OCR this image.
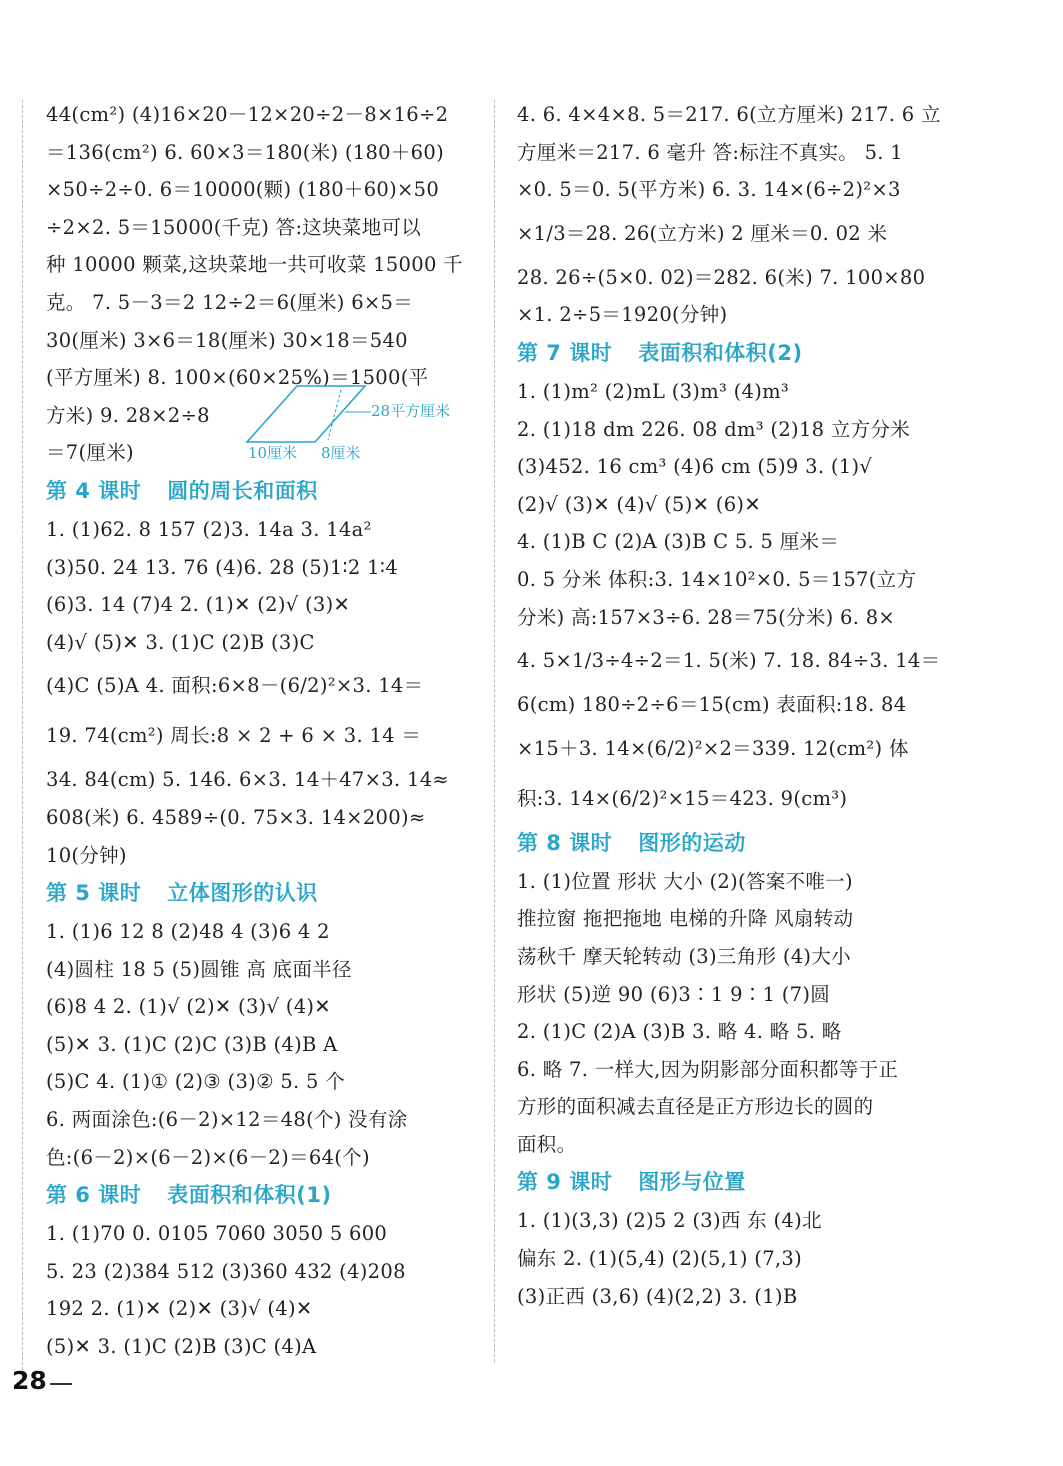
44(cm²) (4)16×20－12×20÷2－8×16÷2
＝136(cm²) 6. 60×3＝180(米) (180＋60)
×50÷2÷0. 6＝10000(颗) (180＋60)×50
÷2×2. 5＝15000(千克) 答:这块菜地可以
种 10000 颗菜,这块菜地一共可收菜 15000 千
克。 7. 5－3＝2 12÷2＝6(厘米) 6×5＝
30(厘米) 3×6＝18(厘米) 30×18＝540
(平方厘米) 8. 100×(60×25%)＝1500(平
方米) 9. 28×2÷8
＝7(厘米)
第 4 课时 圆的周长和面积
1. (1)62. 8 157 (2)3. 14a 3. 14a²
(3)50. 24 13. 76 (4)6. 28 (5)1∶2 1∶4
(6)3. 14 (7)4 2. (1)✕ (2)√ (3)✕
(4)√ (5)✕ 3. (1)C (2)B (3)C
(4)C (5)A 4. 面积:6×8－(6/2)²×3. 14＝
19. 74(cm²) 周长:8 × 2 + 6 × 3. 14 ＝
34. 84(cm) 5. 146. 6×3. 14＋47×3. 14≈
608(米) 6. 4589÷(0. 75×3. 14×200)≈
10(分钟)
第 5 课时 立体图形的认识
1. (1)6 12 8 (2)48 4 (3)6 4 2
(4)圆柱 18 5 (5)圆锥 高 底面半径
(6)8 4 2. (1)√ (2)✕ (3)√ (4)✕
(5)✕ 3. (1)C (2)C (3)B (4)B A
(5)C 4. (1)① (2)③ (3)② 5. 5 个
6. 两面涂色:(6－2)×12＝48(个) 没有涂
色:(6－2)×(6－2)×(6－2)＝64(个)
第 6 课时 表面积和体积(1)
1. (1)70 0. 0105 7060 3050 5 600
5. 23 (2)384 512 (3)360 432 (4)208
192 2. (1)✕ (2)✕ (3)√ (4)✕
(5)✕ 3. (1)C (2)B (3)C (4)A
4. 6. 4×4×8. 5＝217. 6(立方厘米) 217. 6 立
方厘米＝217. 6 毫升 答:标注不真实。 5. 1
×0. 5＝0. 5(平方米) 6. 3. 14×(6÷2)²×3
×1/3＝28. 26(立方米) 2 厘米＝0. 02 米
28. 26÷(5×0. 02)＝282. 6(米) 7. 100×80
×1. 2÷5＝1920(分钟)
第 7 课时 表面积和体积(2)
1. (1)m² (2)mL (3)m³ (4)m³
2. (1)18 dm 226. 08 dm³ (2)18 立方分米
(3)452. 16 cm³ (4)6 cm (5)9 3. (1)√
(2)√ (3)✕ (4)√ (5)✕ (6)✕
4. (1)B C (2)A (3)B C 5. 5 厘米＝
0. 5 分米 体积:3. 14×10²×0. 5＝157(立方
分米) 高:157×3÷6. 28＝75(分米) 6. 8×
4. 5×1/3÷4÷2＝1. 5(米) 7. 18. 84÷3. 14＝
6(cm) 180÷2÷6＝15(cm) 表面积:18. 84
×15＋3. 14×(6/2)²×2＝339. 12(cm²) 体
积:3. 14×(6/2)²×15＝423. 9(cm³)
第 8 课时 图形的运动
1. (1)位置 形状 大小 (2)(答案不唯一)
推拉窗 拖把拖地 电梯的升降 风扇转动
荡秋千 摩天轮转动 (3)三角形 (4)大小
形状 (5)逆 90 (6)3∶1 9∶1 (7)圆
2. (1)C (2)A (3)B 3. 略 4. 略 5. 略
6. 略 7. 一样大,因为阴影部分面积都等于正
方形的面积减去直径是正方形边长的圆的
面积。
第 9 课时 图形与位置
1. (1)(3,3) (2)5 2 (3)西 东 (4)北
偏东 2. (1)(5,4) (2)(5,1) (7,3)
(3)正西 (3,6) (4)(2,2) 3. (1)B
28平方厘米
10厘米 8厘米
28
